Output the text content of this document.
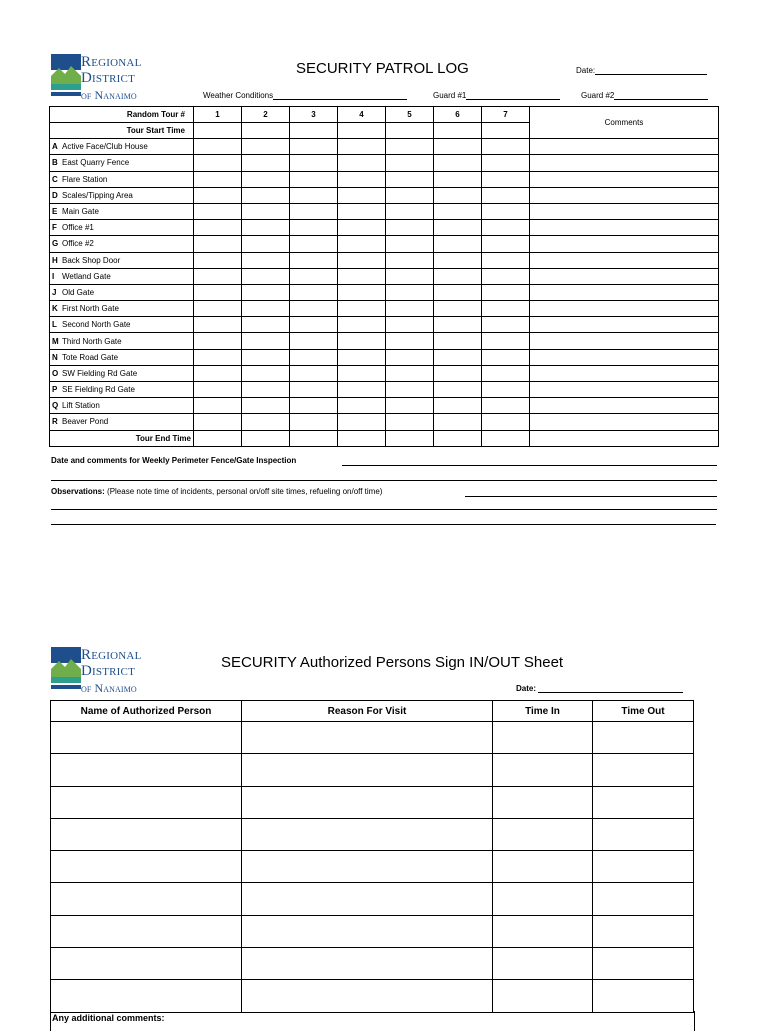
Regional
District
of Nanaimo
SECURITY PATROL LOG	Date:
Weather Conditions	Guard #1	Guard #2
Random Tour #	1	2	3	4	5	6	7	Comments
Tour Start Time								
A Active Face/Club House								
B East Quarry Fence								
C Flare Station								
D Scales/Tipping Area								
E Main Gate								
F Office #1								
G Office #2								
H Back Shop Door								
I Wetland Gate								
J Old Gate								
K First North Gate								
L Second North Gate								
M Third North Gate								
N Tote Road Gate								
O SW Fielding Rd Gate								
P SE Fielding Rd Gate								
Q Lift Station								
R Beaver Pond								
Tour End Time								
Date and comments for Weekly Perimeter Fence/Gate Inspection
Observations: (Please note time of incidents, personal on/off site times, refueling on/off time)
Regional
District
of Nanaimo
SECURITY Authorized Persons Sign IN/OUT Sheet
Date:
Name of Authorized Person	Reason For Visit	Time In	Time Out

Any additional comments:
